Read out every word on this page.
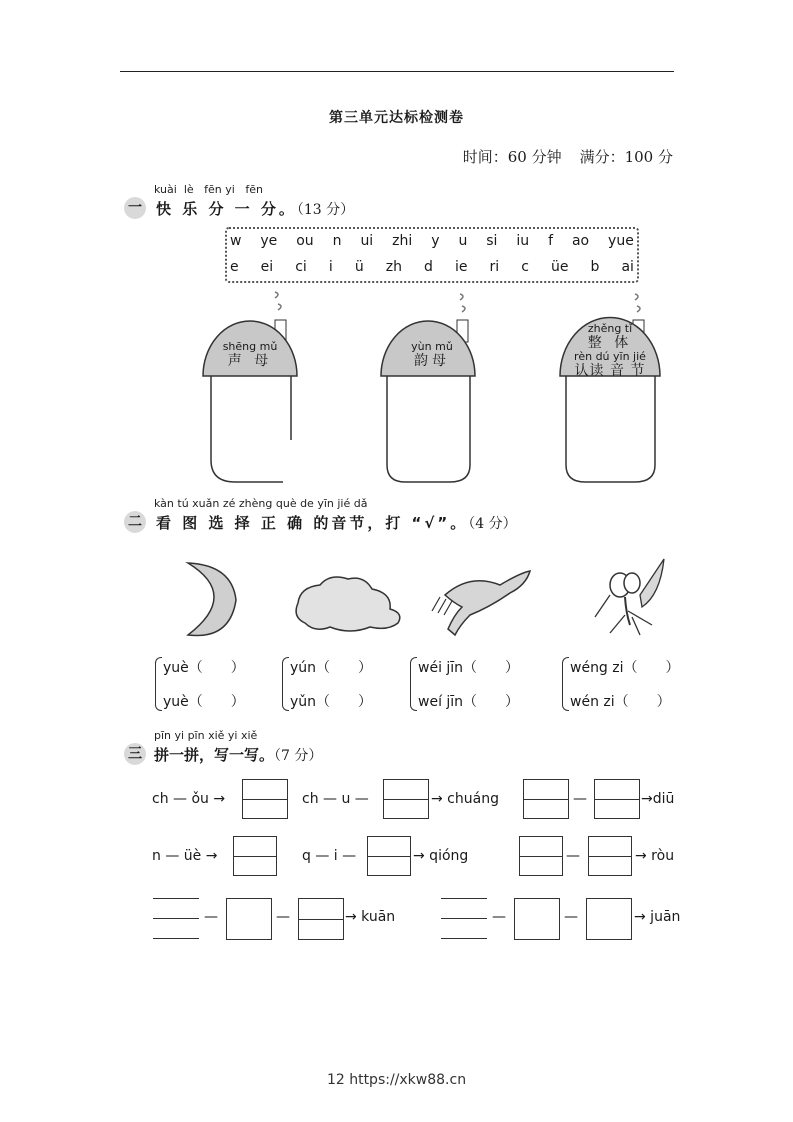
第三单元达标检测卷
时间：60 分钟 满分：100 分
kuài lè fēn yi fēn
一 快 乐 分 一 分。（13 分）
w ye ou n ui zhi y u si iu f ao yue
e ei ci i ü zh d ie ri c üe b ai
shēng mǔ
声 母
yùn mǔ
韵母
zhěng tǐ
整 体
rèn dú yīn jié
认读 音 节
kàn tú xuǎn zé zhèng què de yīn jié dǎ
二 看 图 选 择 正 确 的音节，打 “√”。（4 分）
yuè（　　）
yuè（　　）
yún（　　）
yǔn（　　）
wéi jīn（　　）
weí jīn（　　）
wéng zi（　　）
wén zi（　　）
pīn yi pīn xiě yi xiě
三 拼一拼，写一写。（7 分）
ch — ǒu →	ch — u —	→ chuáng	—	→diū
n — üè →	q — i —	→ qióng	—	→ ròu
—	—	→ kuān	—	—	→ juān
12 https://xkw88.cn
